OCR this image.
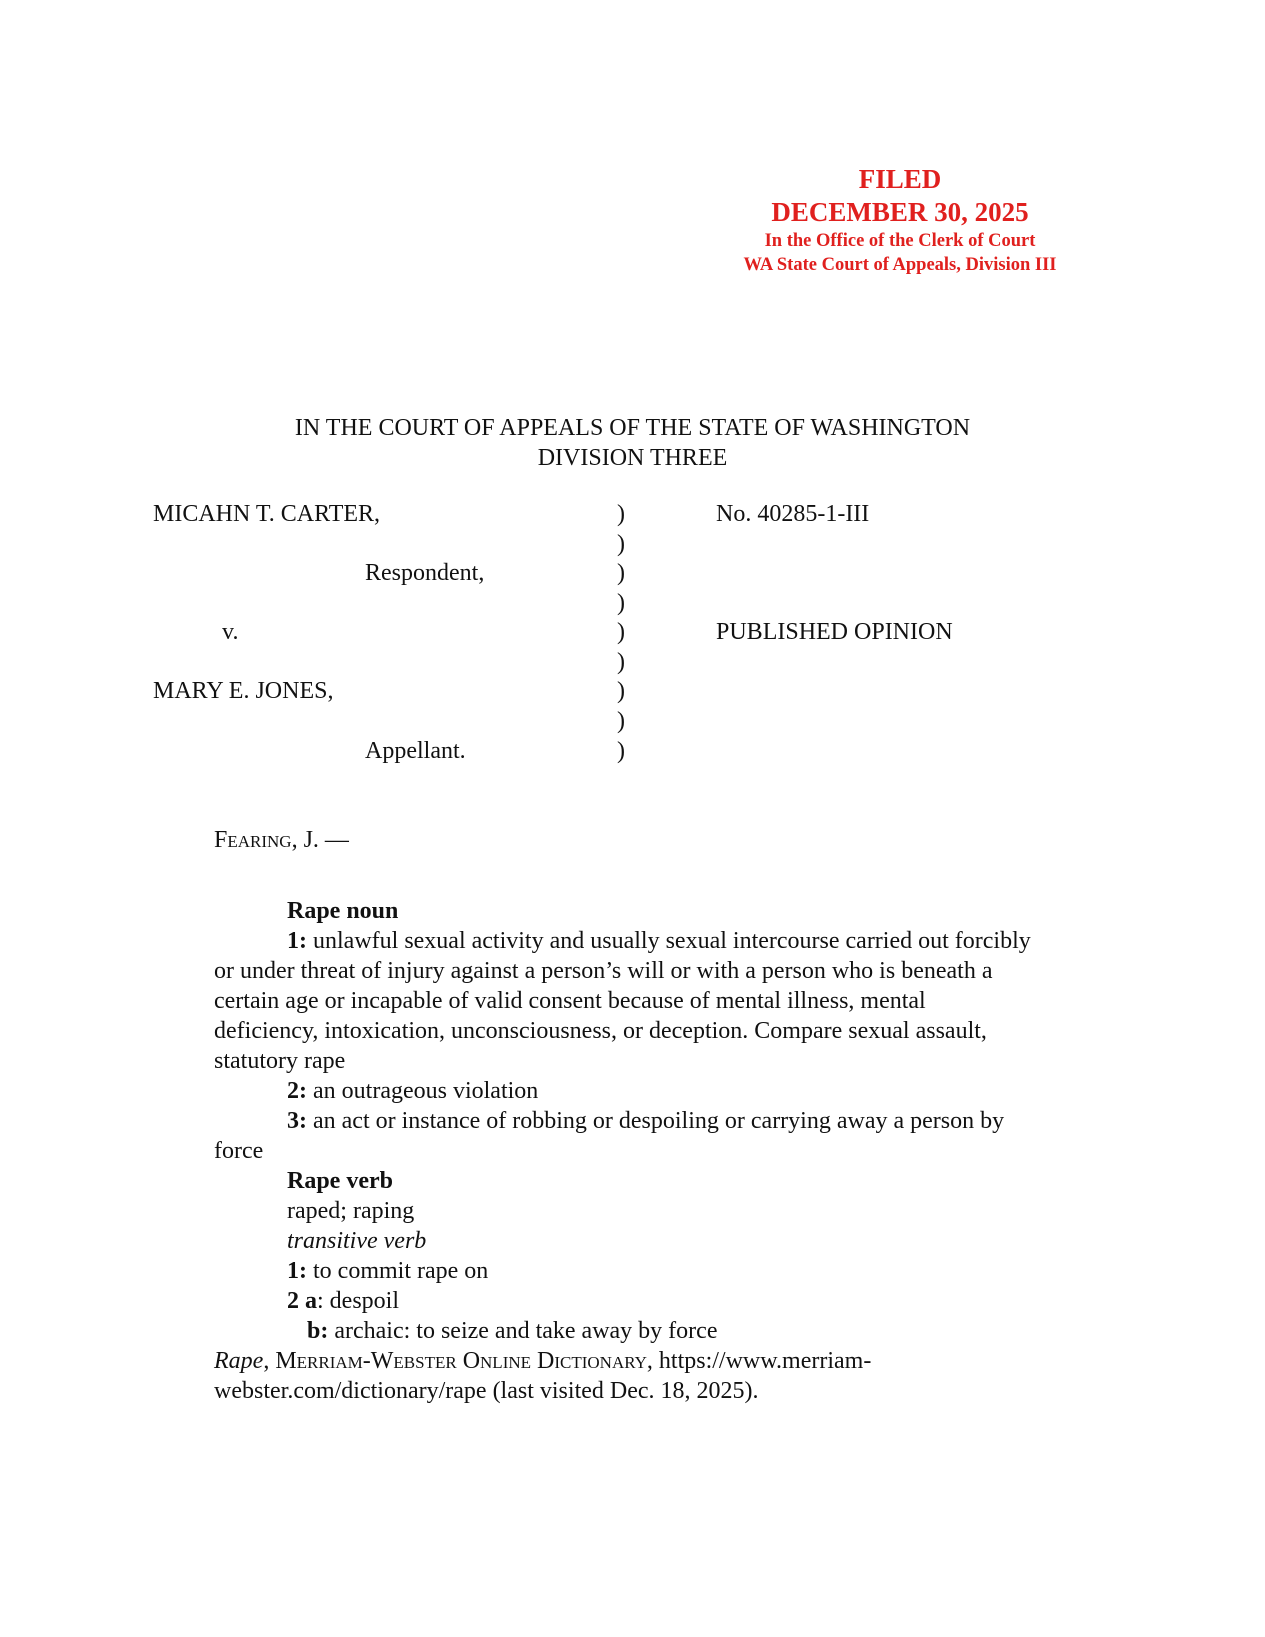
FILED
DECEMBER 30, 2025
In the Office of the Clerk of Court
WA State Court of Appeals, Division III
IN THE COURT OF APPEALS OF THE STATE OF WASHINGTON
DIVISION THREE
MICAHN T. CARTER,
Respondent,
v.
MARY E. JONES,
Appellant.
)
)
)
)
)
)
)
)
)
No. 40285-1-III
PUBLISHED OPINION
Fearing, J. —

Rape noun

1: unlawful sexual activity and usually sexual intercourse carried out forcibly or under threat of injury against a person’s will or with a person who is beneath a certain age or incapable of valid consent because of mental illness, mental deficiency, intoxication, unconsciousness, or deception. Compare sexual assault, statutory rape

2: an outrageous violation

3: an act or instance of robbing or despoiling or carrying away a person by force

Rape verb

raped; raping

transitive verb

1: to commit rape on

2 a: despoil

b: archaic: to seize and take away by force

Rape, Merriam-Webster Online Dictionary, https://www.merriam-webster.com/dictionary/rape (last visited Dec. 18, 2025).
